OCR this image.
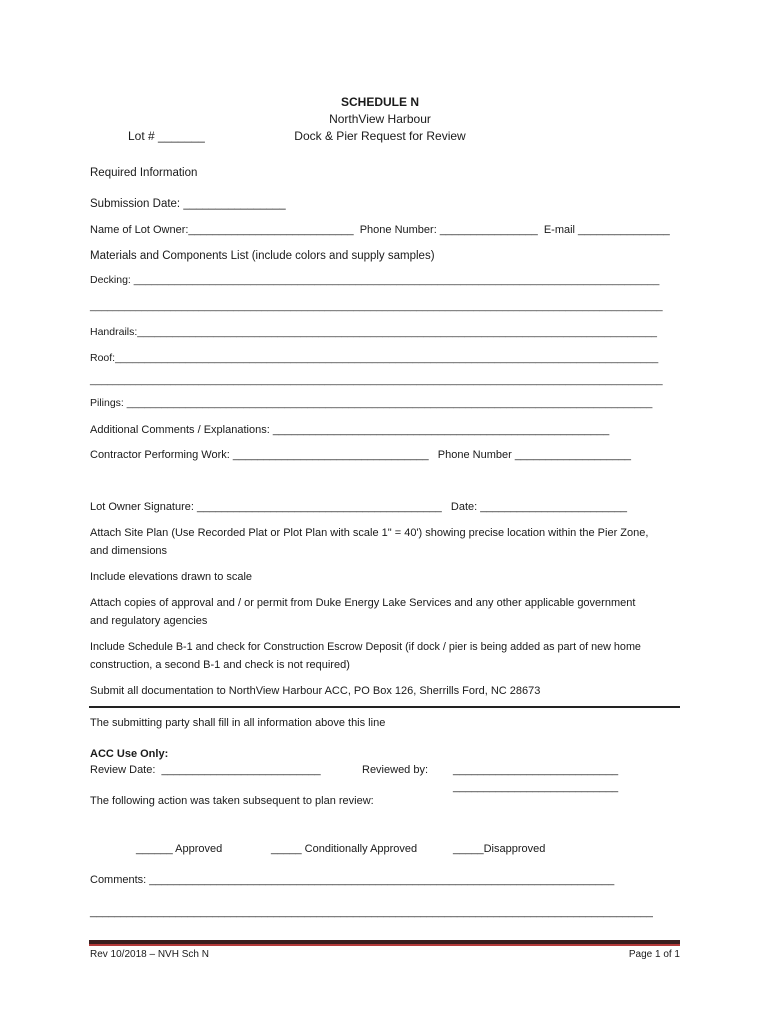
SCHEDULE N
NorthView Harbour
Dock & Pier Request for Review
Lot # _______
Required Information
Submission Date: ________________
Name of Lot Owner:___________________________  Phone Number: ________________  E-mail _______________
Materials and Components List (include colors and supply samples)
Decking: __________________________________________________________________________________________
____________________________________________________________________________________________________
Handrails:_________________________________________________________________________________________
Roof:_____________________________________________________________________________________________
____________________________________________________________________________________________________
Pilings: __________________________________________________________________________________________
Additional Comments / Explanations: _______________________________________________________
Contractor Performing Work: ________________________________   Phone Number ___________________
Lot Owner Signature: ________________________________________   Date: ________________________
Attach Site Plan (Use Recorded Plat or Plot Plan with scale 1" = 40') showing precise location within the Pier Zone,
and dimensions
Include elevations drawn to scale
Attach copies of approval and / or permit from Duke Energy Lake Services and any other applicable government
and regulatory agencies
Include Schedule B-1 and check for Construction Escrow Deposit (if dock / pier is being added as part of new home
construction, a second B-1 and check is not required)
Submit all documentation to NorthView Harbour ACC, PO Box 126, Sherrills Ford, NC 28673
The submitting party shall fill in all information above this line
ACC Use Only:
Review Date:  __________________________	Reviewed by: ___________________________
___________________________
The following action was taken subsequent to plan review:
______ Approved	_____ Conditionally Approved	_____Disapproved
Comments: ____________________________________________________________________________
____________________________________________________________________________________________
Rev 10/2018 – NVH Sch N	Page 1 of 1
